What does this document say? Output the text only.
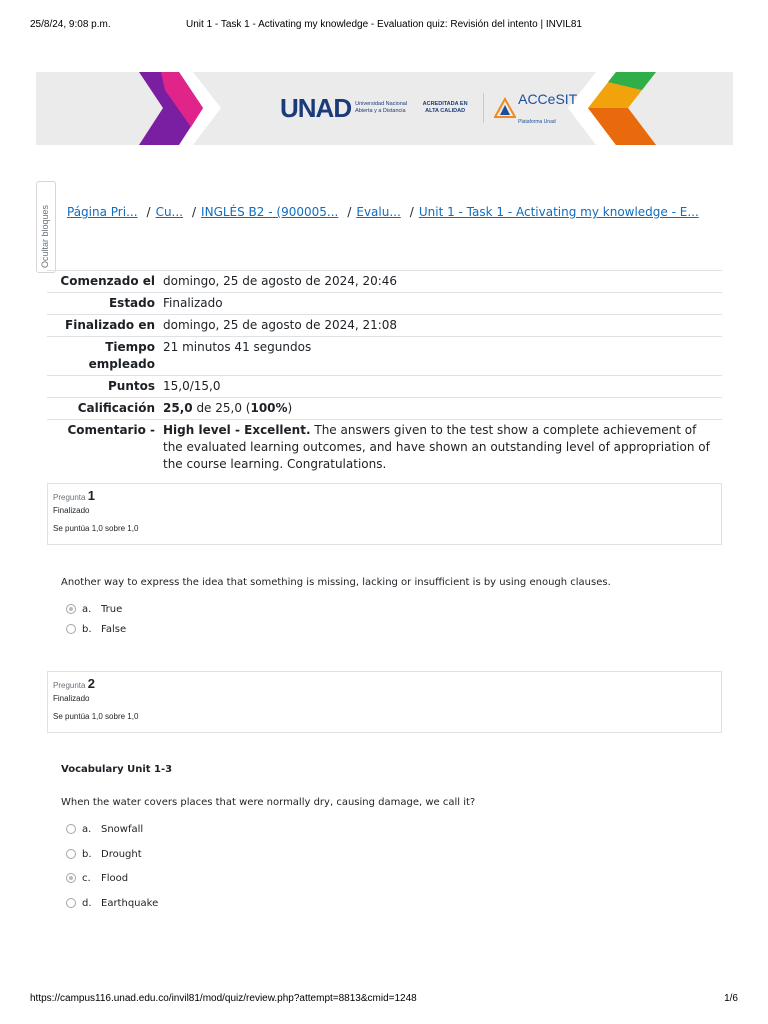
25/8/24, 9:08 p.m.	Unit 1 - Task 1 - Activating my knowledge - Evaluation quiz: Revisión del intento | INVIL81
UNAD Universidad Nacional Abierta y a Distancia
ACREDITADA EN ALTA CALIDAD
ACCeSIT
Plataforma Unad
Ocultar bloques Página Pri... / Cu... / INGLÉS B2 - (900005... / Evalu... / Unit 1 - Task 1 - Activating my knowledge - E...
Comenzado el	domingo, 25 de agosto de 2024, 20:46
Estado	Finalizado
Finalizado en	domingo, 25 de agosto de 2024, 21:08
Tiempo empleado	21 minutos 41 segundos
Puntos	15,0/15,0
Calificación	25,0 de 25,0 (100%)
Comentario -	High level - Excellent. The answers given to the test show a complete achievement of the evaluated learning outcomes, and have shown an outstanding level of appropriation of the course learning. Congratulations.
Pregunta 1
Finalizado
Se puntúa 1,0 sobre 1,0
Another way to express the idea that something is missing, lacking or insufficient is by using enough clauses.
a. True
b. False
Pregunta 2
Finalizado
Se puntúa 1,0 sobre 1,0
Vocabulary Unit 1-3
When the water covers places that were normally dry, causing damage, we call it?
a. Snowfall
b. Drought
c.	Flood
d. Earthquake
https://campus116.unad.edu.co/invil81/mod/quiz/review.php?attempt=8813&cmid=1248	1/6
